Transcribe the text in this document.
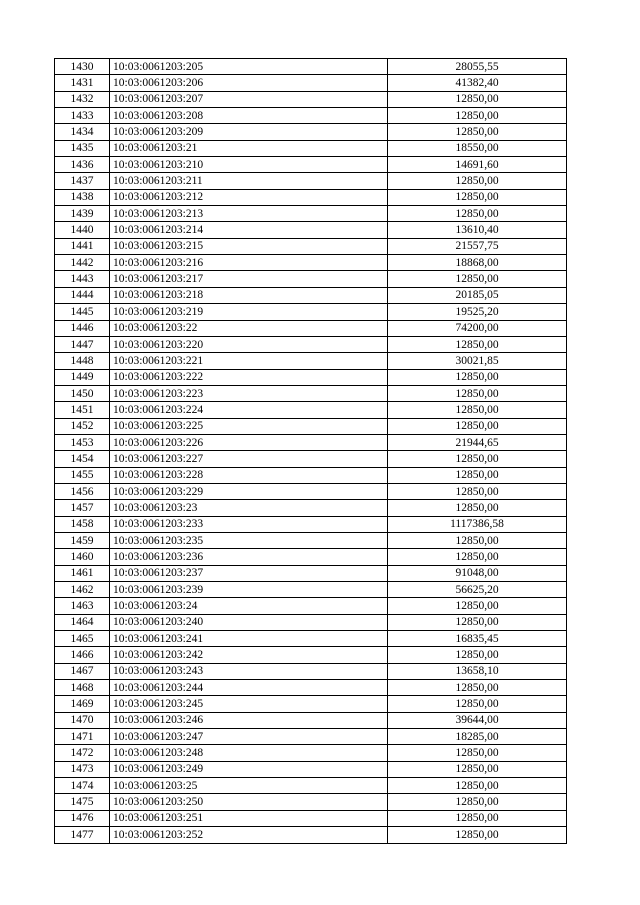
1430	10:03:0061203:205	28055,55
1431	10:03:0061203:206	41382,40
1432	10:03:0061203:207	12850,00
1433	10:03:0061203:208	12850,00
1434	10:03:0061203:209	12850,00
1435	10:03:0061203:21	18550,00
1436	10:03:0061203:210	14691,60
1437	10:03:0061203:211	12850,00
1438	10:03:0061203:212	12850,00
1439	10:03:0061203:213	12850,00
1440	10:03:0061203:214	13610,40
1441	10:03:0061203:215	21557,75
1442	10:03:0061203:216	18868,00
1443	10:03:0061203:217	12850,00
1444	10:03:0061203:218	20185,05
1445	10:03:0061203:219	19525,20
1446	10:03:0061203:22	74200,00
1447	10:03:0061203:220	12850,00
1448	10:03:0061203:221	30021,85
1449	10:03:0061203:222	12850,00
1450	10:03:0061203:223	12850,00
1451	10:03:0061203:224	12850,00
1452	10:03:0061203:225	12850,00
1453	10:03:0061203:226	21944,65
1454	10:03:0061203:227	12850,00
1455	10:03:0061203:228	12850,00
1456	10:03:0061203:229	12850,00
1457	10:03:0061203:23	12850,00
1458	10:03:0061203:233	1117386,58
1459	10:03:0061203:235	12850,00
1460	10:03:0061203:236	12850,00
1461	10:03:0061203:237	91048,00
1462	10:03:0061203:239	56625,20
1463	10:03:0061203:24	12850,00
1464	10:03:0061203:240	12850,00
1465	10:03:0061203:241	16835,45
1466	10:03:0061203:242	12850,00
1467	10:03:0061203:243	13658,10
1468	10:03:0061203:244	12850,00
1469	10:03:0061203:245	12850,00
1470	10:03:0061203:246	39644,00
1471	10:03:0061203:247	18285,00
1472	10:03:0061203:248	12850,00
1473	10:03:0061203:249	12850,00
1474	10:03:0061203:25	12850,00
1475	10:03:0061203:250	12850,00
1476	10:03:0061203:251	12850,00
1477	10:03:0061203:252	12850,00
